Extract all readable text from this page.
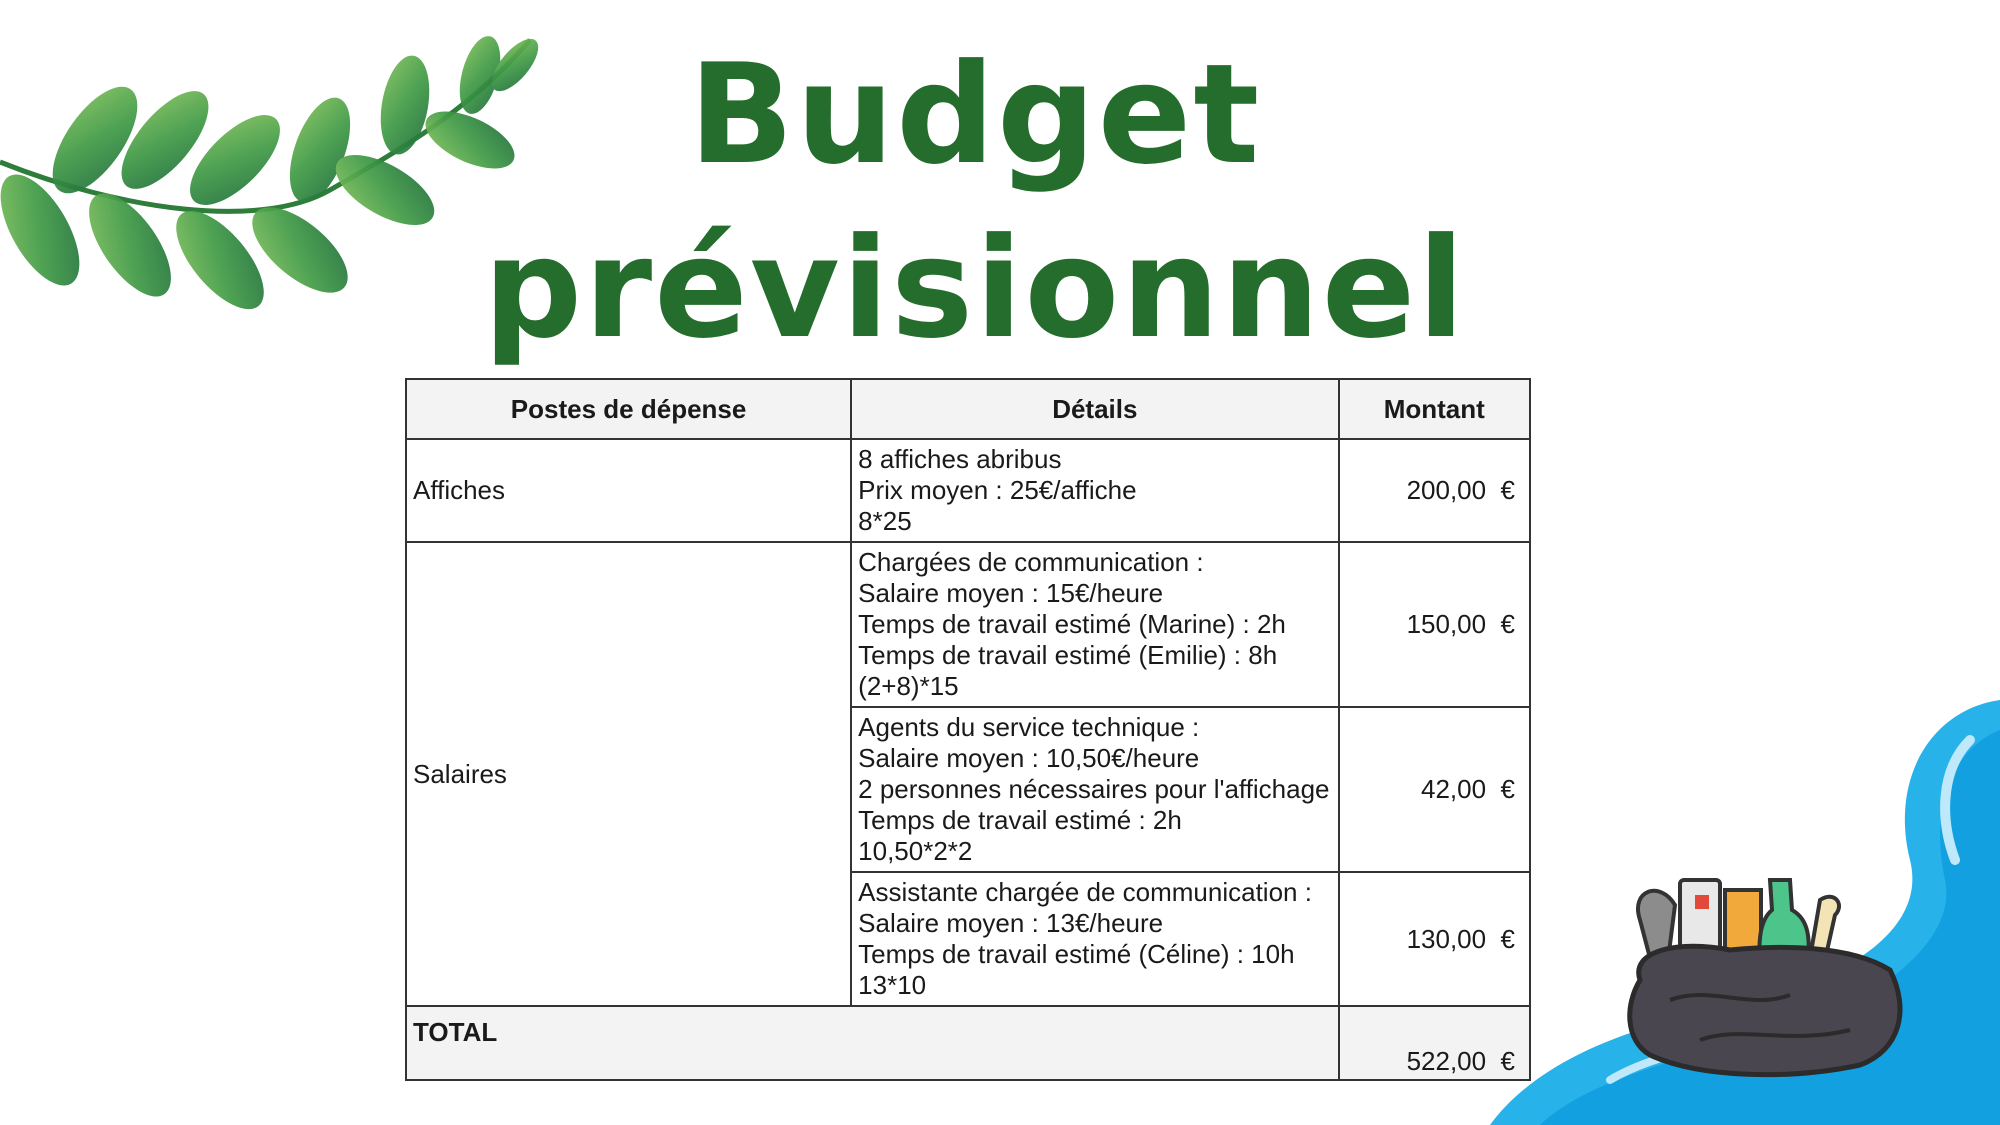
Budget
prévisionnel
Postes de dépense	Détails	Montant
Affiches	8 affiches abribus
Prix moyen : 25€/affiche
8*25	200,00  €
Salaires	Chargées de communication :
Salaire moyen : 15€/heure
Temps de travail estimé (Marine) : 2h
Temps de travail estimé (Emilie) : 8h
(2+8)*15	150,00  €

	Agents du service technique :
Salaire moyen : 10,50€/heure
2 personnes nécessaires pour l'affichage
Temps de travail estimé : 2h
10,50*2*2	42,00  €

	Assistante chargée de communication :
Salaire moyen : 13€/heure
Temps de travail estimé (Céline) : 10h
13*10	130,00  €
TOTAL		522,00  €
